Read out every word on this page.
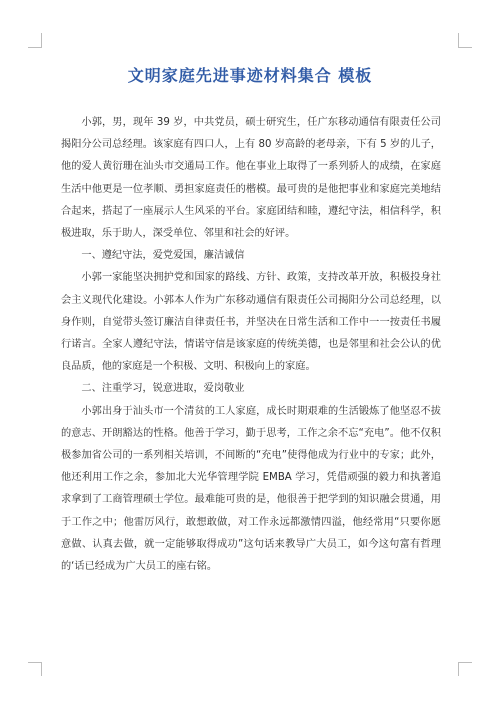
文明家庭先进事迹材料集合 模板

小郭，男，现年 39 岁，中共党员，硕士研究生，任广东移动通信有限责任公司揭阳分公司总经理。该家庭有四口人，上有 80 岁高龄的老母亲，下有 5 岁的儿子，他的爱人黄衍珊在汕头市交通局工作。他在事业上取得了一系列骄人的成绩，在家庭生活中他更是一位孝顺、勇担家庭责任的楷模。最可贵的是他把事业和家庭完美地结合起来，搭起了一座展示人生风采的平台。家庭团结和睦，遵纪守法，相信科学，积极进取，乐于助人，深受单位、邻里和社会的好评。

一、遵纪守法，爱党爱国，廉洁诚信

小郭一家能坚决拥护党和国家的路线、方针、政策，支持改革开放，积极投身社会主义现代化建设。小郭本人作为广东移动通信有限责任公司揭阳分公司总经理，以身作则，自觉带头签订廉洁自律责任书，并坚决在日常生活和工作中一一按责任书履行诺言。全家人遵纪守法，情诺守信是该家庭的传统美德，也是邻里和社会公认的优良品质，他的家庭是一个积极、文明、积极向上的家庭。

二、注重学习，锐意进取，爱岗敬业

小郭出身于汕头市一个清贫的工人家庭，成长时期艰难的生活锻炼了他坚忍不拔的意志、开朗豁达的性格。他善于学习，勤于思考，工作之余不忘“充电”。他不仅积极参加省公司的一系列相关培训，不间断的“充电”使得他成为行业中的专家；此外，他还利用工作之余，参加北大光华管理学院 EMBA 学习，凭借顽强的毅力和执著追求拿到了工商管理硕士学位。最难能可贵的是，他很善于把学到的知识融会贯通，用于工作之中；他雷厉风行，敢想敢做，对工作永远都激情四溢，他经常用“只要你愿意做、认真去做，就一定能够取得成功”这句话来教导广大员工，如今这句富有哲理的‘话已经成为广大员工的座右铭。
